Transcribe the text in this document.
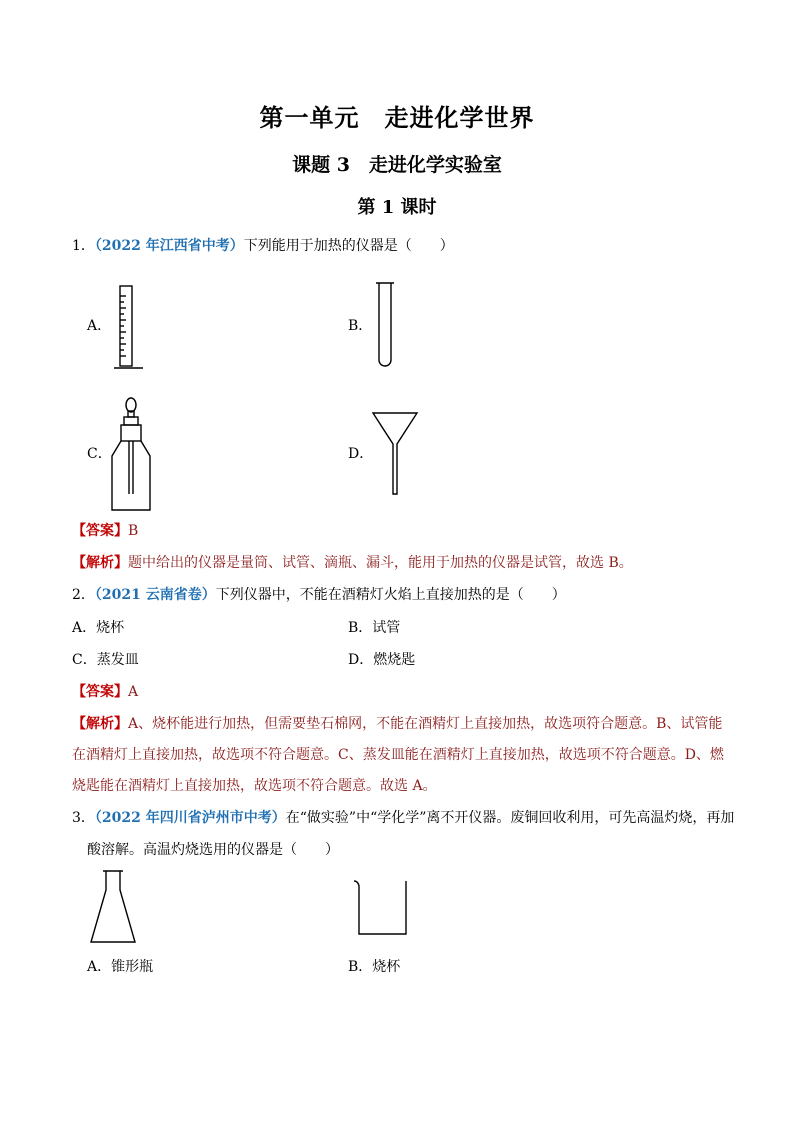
第一单元　走进化学世界
课题 3　走进化学实验室
第 1 课时
1．（2022 年江西省中考）下列能用于加热的仪器是（　　）
A．	B．
C．	D．
【答案】B
【解析】题中给出的仪器是量筒、试管、滴瓶、漏斗，能用于加热的仪器是试管，故选 B。
2．（2021 云南省卷）下列仪器中，不能在酒精灯火焰上直接加热的是（　　）
A．烧杯	B．试管
C．蒸发皿	D．燃烧匙
【答案】A
【解析】A、烧杯能进行加热，但需要垫石棉网，不能在酒精灯上直接加热，故选项符合题意。B、试管能
在酒精灯上直接加热，故选项不符合题意。C、蒸发皿能在酒精灯上直接加热，故选项不符合题意。D、燃
烧匙能在酒精灯上直接加热，故选项不符合题意。故选 A。
3．（2022 年四川省泸州市中考）在“做实验”中“学化学”离不开仪器。废铜回收利用，可先高温灼烧，再加
酸溶解。高温灼烧选用的仪器是（　　）
A．锥形瓶	B．烧杯
